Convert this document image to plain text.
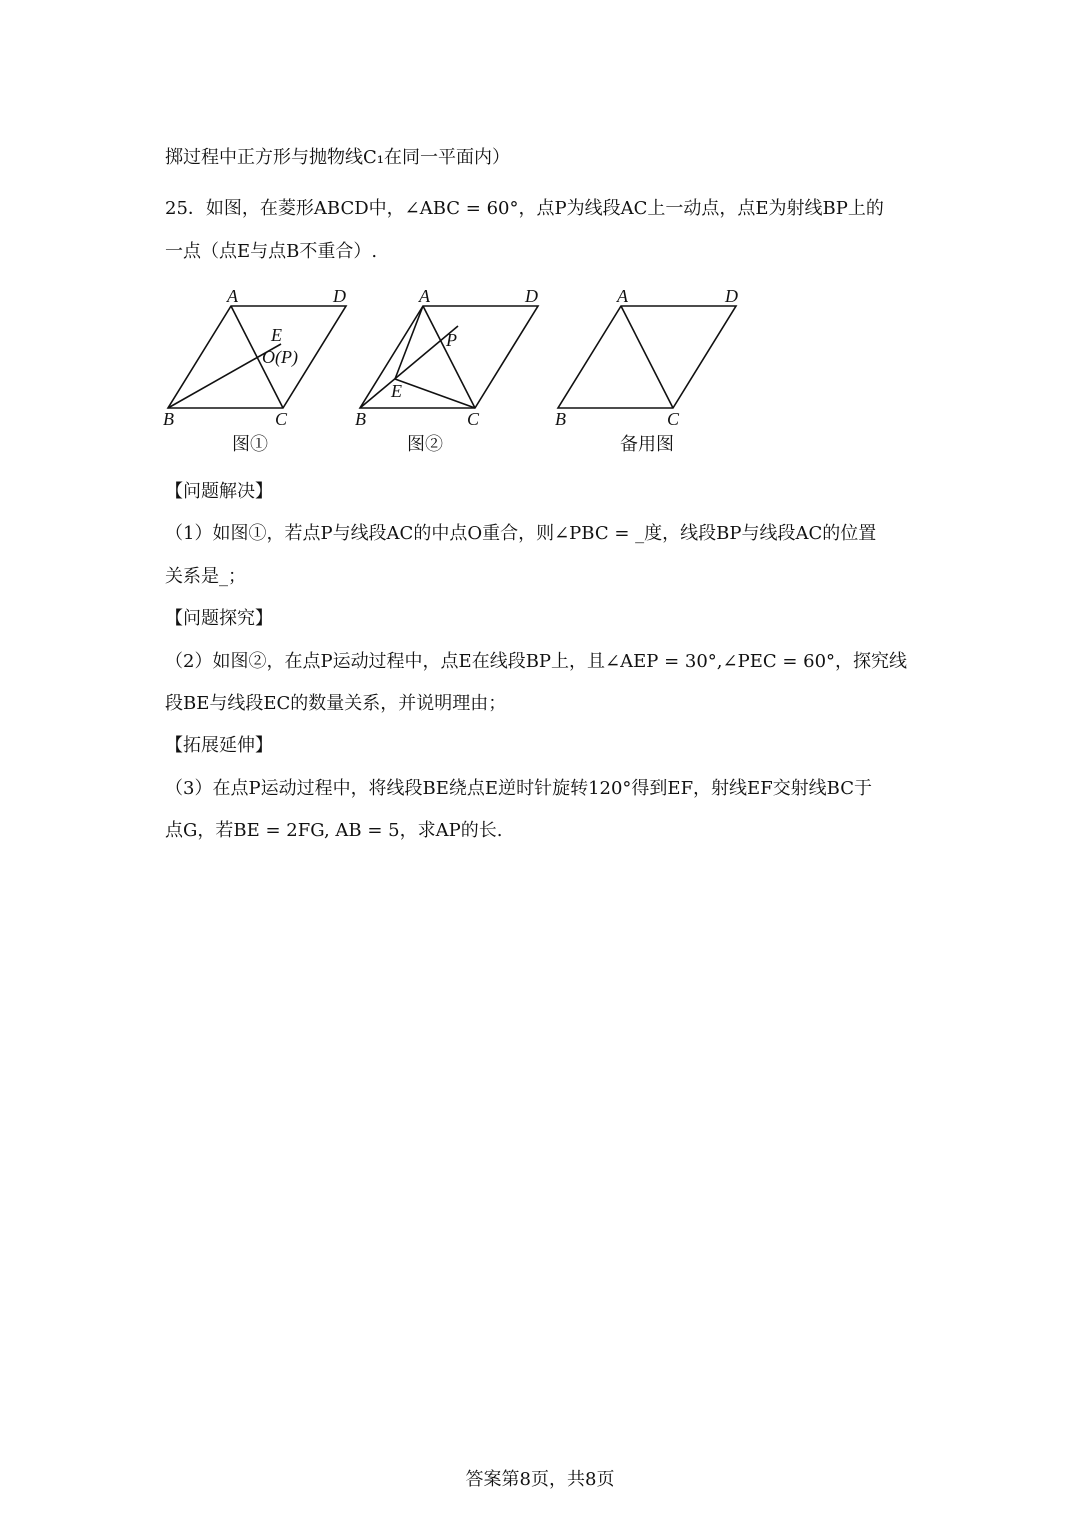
掷过程中正方形与抛物线C₁在同一平面内）
25．如图，在菱形ABCD中，∠ABC = 60°，点P为线段AC上一动点，点E为射线BP上的
一点（点E与点B不重合）.
A	D
B	C
E
O(P)
A	D
B	C
E
P
A	D
B	C
图①	图②	备用图
【问题解决】
（1）如图①，若点P与线段AC的中点O重合，则∠PBC = _度，线段BP与线段AC的位置
关系是_；
【问题探究】
（2）如图②，在点P运动过程中，点E在线段BP上，且∠AEP = 30°,∠PEC = 60°，探究线
段BE与线段EC的数量关系，并说明理由；
【拓展延伸】
（3）在点P运动过程中，将线段BE绕点E逆时针旋转120°得到EF，射线EF交射线BC于
点G，若BE = 2FG, AB = 5，求AP的长.
答案第8页，共8页
